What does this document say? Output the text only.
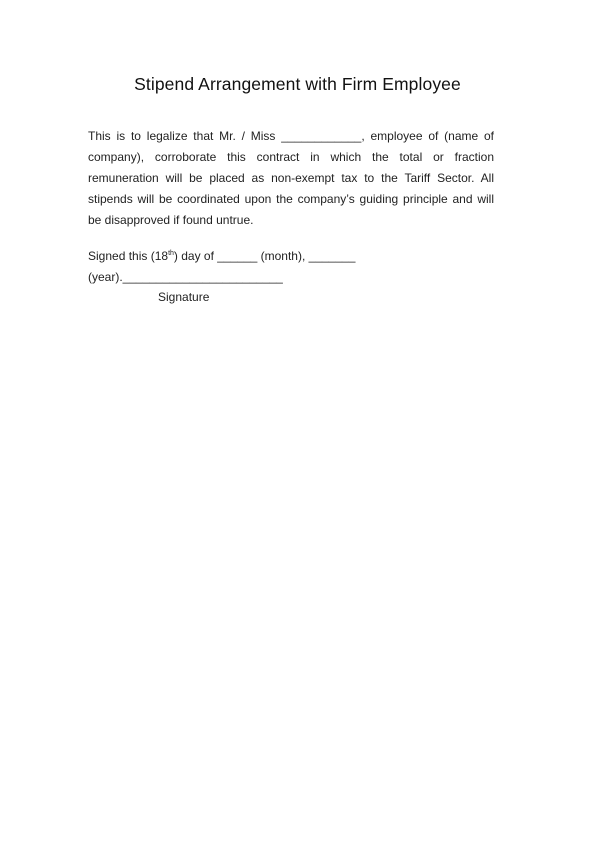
Stipend Arrangement with Firm Employee
This is to legalize that Mr. / Miss ____________, employee of (name of company), corroborate this contract in which the total or fraction remuneration will be placed as non-exempt tax to the Tariff Sector. All stipends will be coordinated upon the company’s guiding principle and will be disapproved if found untrue.
Signed this (18th) day of ______ (month), _______
(year).________________________
Signature
